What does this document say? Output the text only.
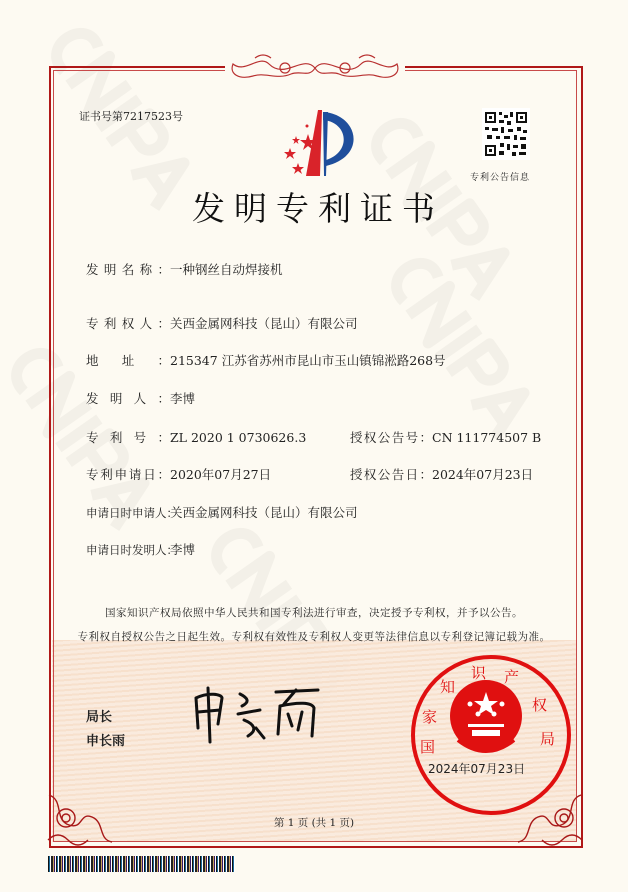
证书号第7217523号
发明专利证书
专利公告信息
发明名称：一种钢丝自动焊接机
专利权人：关西金属网科技（昆山）有限公司
地址：215347 江苏省苏州市昆山市玉山镇锦淞路268号
发明人：李博
专利号：ZL 2020 1 0730626.3
专利申请日：2020年07月27日
申请日时申请人：关西金属网科技（昆山）有限公司
申请日时发明人：李博
授权公告号：CN 111774507 B
授权公告日：2024年07月23日
国家知识产权局依照中华人民共和国专利法进行审查，决定授予专利权，并予以公告。
专利权自授权公告之日起生效。专利权有效性及专利权人变更等法律信息以专利登记簿记载为准。
局长
申长雨	国
家
知
识 产
权
局
2024年07月23日
第 1 页 (共 1 页)
